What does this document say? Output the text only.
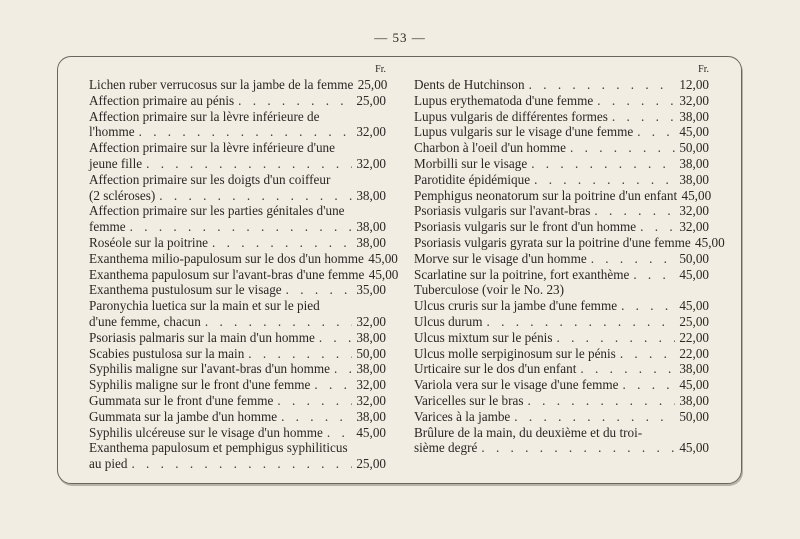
— 53 —
Fr.
Lichen ruber verrucosus sur la jambe de la femme 25,00
Affection primaire au pénis . . .	25,00
Affection primaire sur la lèvre inférieure de
l'homme . . .	32,00
Affection primaire sur la lèvre inférieure d'une
jeune fille . . .	32,00
Affection primaire sur les doigts d'un coiffeur
(2 scléroses) . . .	38,00
Affection primaire sur les parties génitales d'une
femme . . .	38,00
Roséole sur la poitrine . . .	38,00
Exanthema milio-papulosum sur le dos d'un homme 45,00
Exanthema papulosum sur l'avant-bras d'une femme 45,00
Exanthema pustulosum sur le visage . . .	35,00
Paronychia luetica sur la main et sur le pied
d'une femme, chacun . . .	32,00
Psoriasis palmaris sur la main d'un homme . . .	38,00
Scabies pustulosa sur la main . . .	50,00
Syphilis maligne sur l'avant-bras d'un homme . . .	38,00
Syphilis maligne sur le front d'une femme . . .	32,00
Gummata sur le front d'une femme . . .	32,00
Gummata sur la jambe d'un homme . . .	38,00
Syphilis ulcéreuse sur le visage d'un homme . . .	45,00
Exanthema papulosum et pemphigus syphiliticus
au pied . . .	25,00
Fr.
Dents de Hutchinson . . .	12,00
Lupus erythematoda d'une femme . . .	32,00
Lupus vulgaris de différentes formes . . .	38,00
Lupus vulgaris sur le visage d'une femme . . .	45,00
Charbon à l'oeil d'un homme . . .	50,00
Morbilli sur le visage . . .	38,00
Parotidite épidémique . . .	38,00
Pemphigus neonatorum sur la poitrine d'un enfant 45,00
Psoriasis vulgaris sur l'avant-bras . . .	32,00
Psoriasis vulgaris sur le front d'un homme . . .	32,00
Psoriasis vulgaris gyrata sur la poitrine d'une femme 45,00
Morve sur le visage d'un homme . . .	50,00
Scarlatine sur la poitrine, fort exanthème . . .	45,00
Tuberculose (voir le No. 23)
Ulcus cruris sur la jambe d'une femme . . .	45,00
Ulcus durum . . .	25,00
Ulcus mixtum sur le pénis . . .	22,00
Ulcus molle serpiginosum sur le pénis . . .	22,00
Urticaire sur le dos d'un enfant . . .	38,00
Variola vera sur le visage d'une femme . . .	45,00
Varicelles sur le bras . . .	38,00
Varices à la jambe . . .	50,00
Brûlure de la main, du deuxième et du troi-
sième degré . . .	45,00
